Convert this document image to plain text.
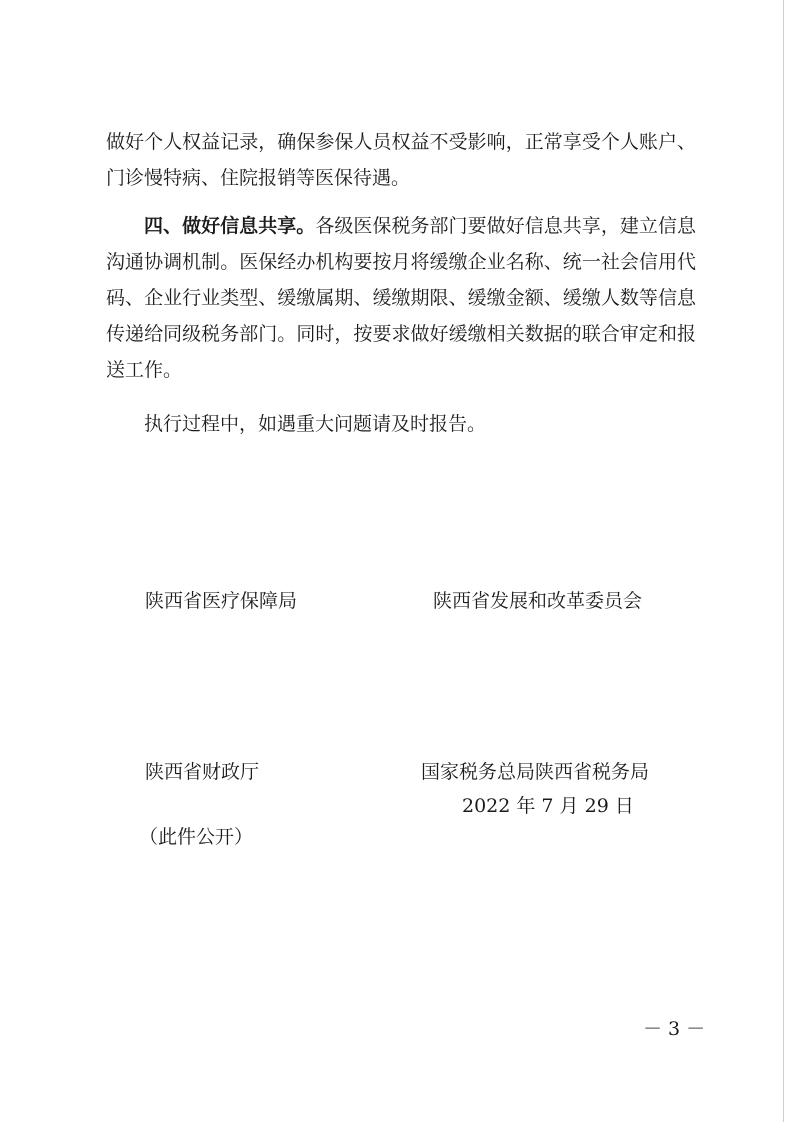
做好个人权益记录，确保参保人员权益不受影响，正常享受个人账户、门诊慢特病、住院报销等医保待遇。

四、做好信息共享。各级医保税务部门要做好信息共享，建立信息沟通协调机制。医保经办机构要按月将缓缴企业名称、统一社会信用代码、企业行业类型、缓缴属期、缓缴期限、缓缴金额、缓缴人数等信息传递给同级税务部门。同时，按要求做好缓缴相关数据的联合审定和报送工作。

执行过程中，如遇重大问题请及时报告。

陕西省医疗保障局	陕西省发展和改革委员会
陕西省财政厅	国家税务总局陕西省税务局
2022 年 7 月 29 日
（此件公开）
－ 3 －
